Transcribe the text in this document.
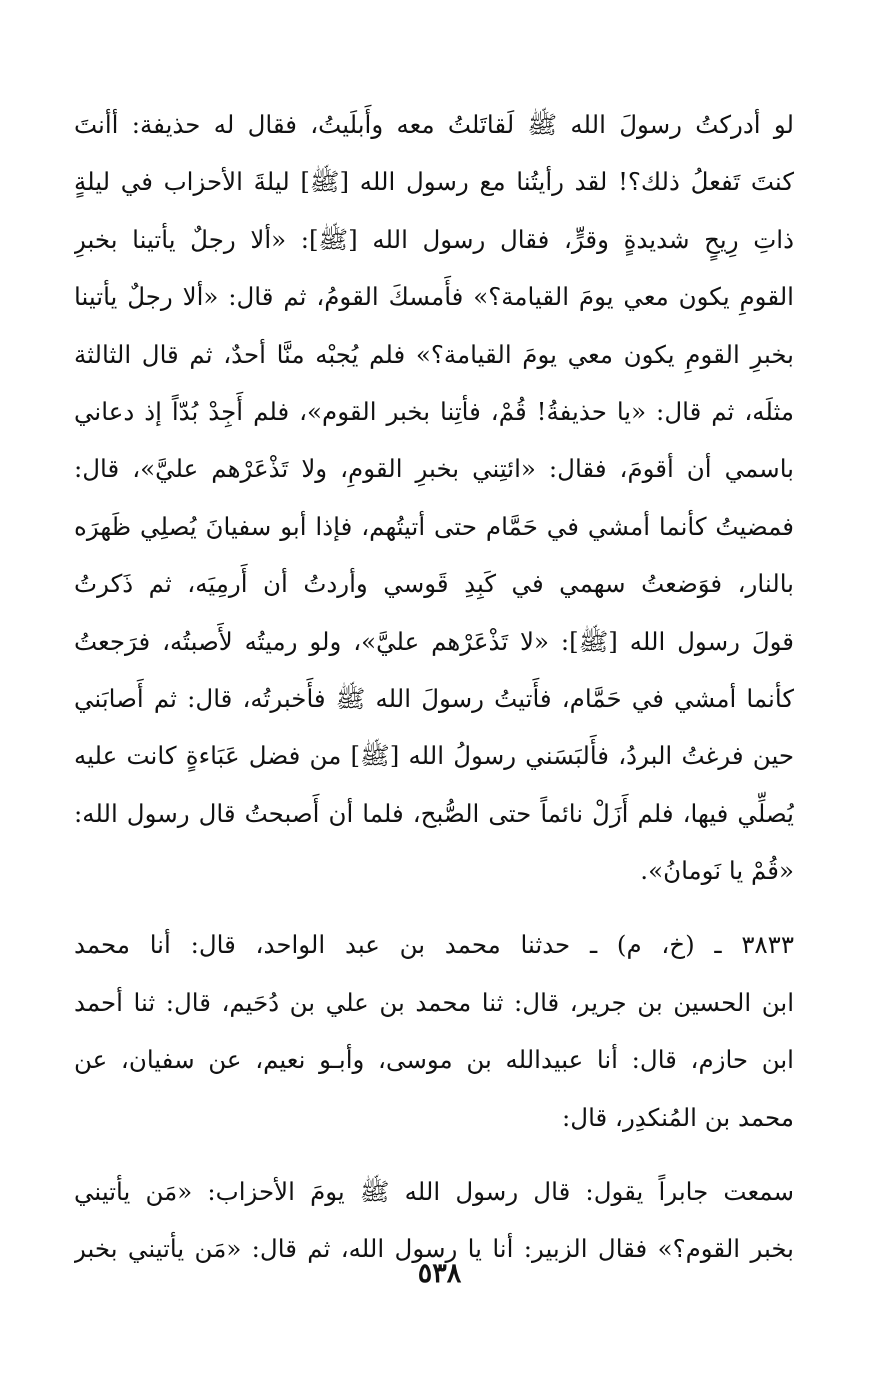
لو أدركتُ رسولَ الله ﷺ لَقاتَلتُ معه وأَبلَيتُ، فقال له حذيفة: أأنتَ
كنتَ تَفعلُ ذلك؟! لقد رأيتُنا مع رسول الله [ﷺ] ليلةَ الأحزاب في ليلةٍ
ذاتِ رِيحٍ شديدةٍ وقرٍّ، فقال رسول الله [ﷺ]: «ألا رجلٌ يأتينا بخبرِ
القومِ يكون معي يومَ القيامة؟» فأَمسكَ القومُ، ثم قال: «ألا رجلٌ يأتينا
بخبرِ القومِ يكون معي يومَ القيامة؟» فلم يُجبْه منَّا أحدٌ، ثم قال الثالثة
مثلَه، ثم قال: «يا حذيفةُ! قُمْ، فأتِنا بخبر القوم»، فلم أَجِدْ بُدّاً إذ دعاني
باسمي أن أقومَ، فقال: «ائتِني بخبرِ القومِ، ولا تَذْعَرْهم عليَّ»، قال:
فمضيتُ كأنما أمشي في حَمَّام حتى أتيتُهم، فإذا أبو سفيانَ يُصلِي ظَهرَه
بالنار، فوَضعتُ سهمي في كَبِدِ قَوسي وأردتُ أن أَرمِيَه، ثم ذَكرتُ
قولَ رسول الله [ﷺ]: «لا تَذْعَرْهم عليَّ»، ولو رميتُه لأَصبتُه، فرَجعتُ
كأنما أمشي في حَمَّام، فأَتيتُ رسولَ الله ﷺ فأَخبرتُه، قال: ثم أَصابَني
حين فرغتُ البردُ، فأَلبَسَني رسولُ الله [ﷺ] من فضل عَبَاءةٍ كانت عليه
يُصلِّي فيها، فلم أَزَلْ نائماً حتى الصُّبح، فلما أن أَصبحتُ قال رسول الله:
«قُمْ يا نَومانُ».
٣٨٣٣ ـ (خ، م) ـ حدثنا محمد بن عبد الواحد، قال: أنا محمد
ابن الحسين بن جرير، قال: ثنا محمد بن علي بن دُحَيم، قال: ثنا أحمد
ابن حازم، قال: أنا عبيدالله بن موسى، وأبـو نعيم، عن سفيان، عن
محمد بن المُنكدِر، قال:
سمعت جابراً يقول: قال رسول الله ﷺ يومَ الأحزاب: «مَن يأتيني
بخبر القوم؟» فقال الزبير: أنا يا رسول الله، ثم قال: «مَن يأتيني بخبر
٥٣٨
